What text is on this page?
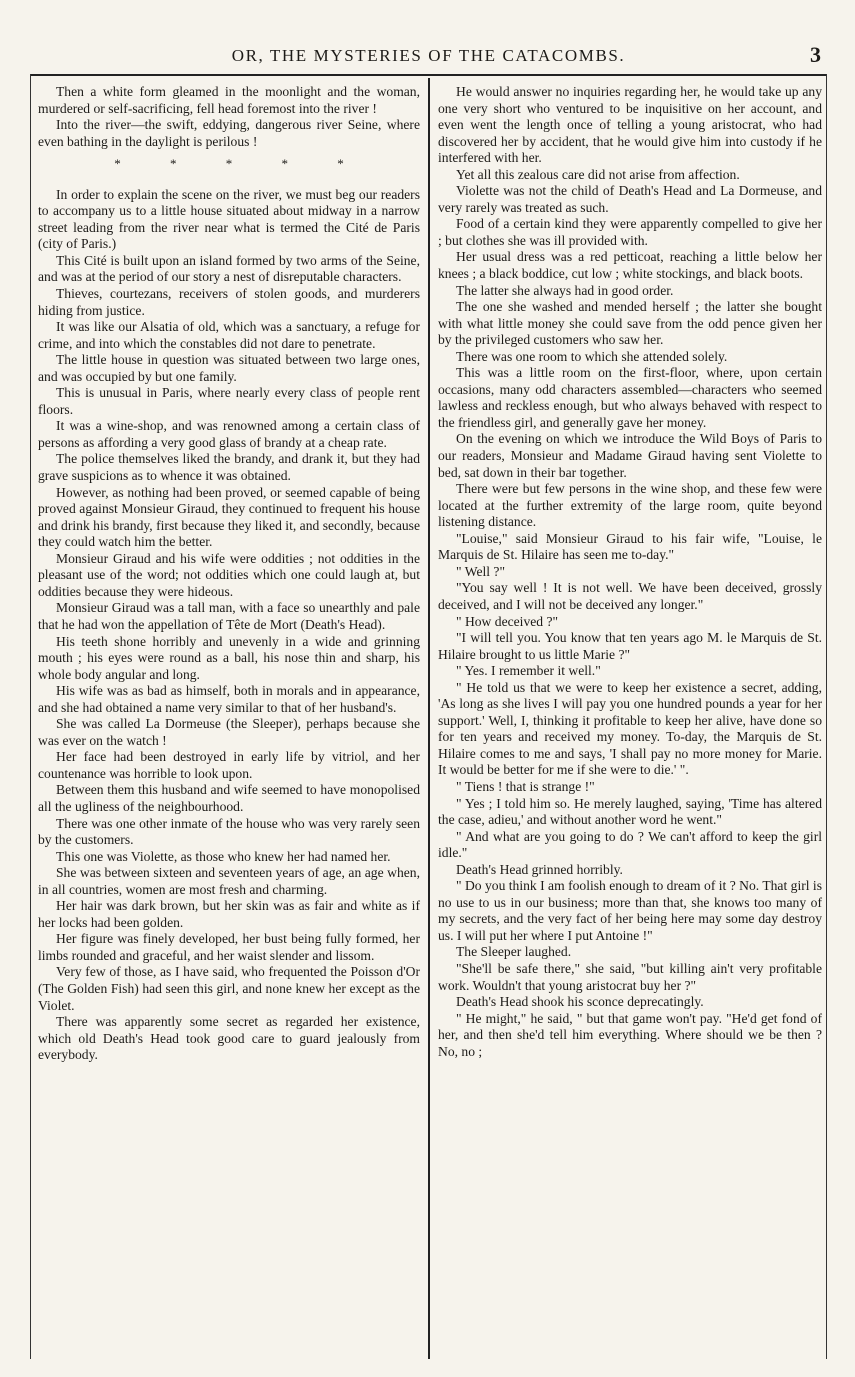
OR, THE MYSTERIES OF THE CATACOMBS.	3

Then a white form gleamed in the moonlight and the woman, murdered or self-sacrificing, fell head foremost into the river !

Into the river—the swift, eddying, dangerous river Seine, where even bathing in the daylight is perilous !

* * * * *

In order to explain the scene on the river, we must beg our readers to accompany us to a little house situated about midway in a narrow street leading from the river near what is termed the Cité de Paris (city of Paris.)

This Cité is built upon an island formed by two arms of the Seine, and was at the period of our story a nest of disreputable characters.

Thieves, courtezans, receivers of stolen goods, and murderers hiding from justice.

It was like our Alsatia of old, which was a sanctuary, a refuge for crime, and into which the constables did not dare to penetrate.

The little house in question was situated between two large ones, and was occupied by but one family.

This is unusual in Paris, where nearly every class of people rent floors.

It was a wine-shop, and was renowned among a certain class of persons as affording a very good glass of brandy at a cheap rate.

The police themselves liked the brandy, and drank it, but they had grave suspicions as to whence it was obtained.

However, as nothing had been proved, or seemed capable of being proved against Monsieur Giraud, they continued to frequent his house and drink his brandy, first because they liked it, and secondly, because they could watch him the better.

Monsieur Giraud and his wife were oddities ; not oddities in the pleasant use of the word; not oddities which one could laugh at, but oddities because they were hideous.

Monsieur Giraud was a tall man, with a face so unearthly and pale that he had won the appellation of Tête de Mort (Death's Head).

His teeth shone horribly and unevenly in a wide and grinning mouth ; his eyes were round as a ball, his nose thin and sharp, his whole body angular and long.

His wife was as bad as himself, both in morals and in appearance, and she had obtained a name very similar to that of her husband's.

She was called La Dormeuse (the Sleeper), perhaps because she was ever on the watch !

Her face had been destroyed in early life by vitriol, and her countenance was horrible to look upon.

Between them this husband and wife seemed to have monopolised all the ugliness of the neighbourhood.

There was one other inmate of the house who was very rarely seen by the customers.

This one was Violette, as those who knew her had named her.

She was between sixteen and seventeen years of age, an age when, in all countries, women are most fresh and charming.

Her hair was dark brown, but her skin was as fair and white as if her locks had been golden.

Her figure was finely developed, her bust being fully formed, her limbs rounded and graceful, and her waist slender and lissom.

Very few of those, as I have said, who frequented the Poisson d'Or (The Golden Fish) had seen this girl, and none knew her except as the Violet.

There was apparently some secret as regarded her existence, which old Death's Head took good care to guard jealously from everybody.

He would answer no inquiries regarding her, he would take up any one very short who ventured to be inquisitive on her account, and even went the length once of telling a young aristocrat, who had discovered her by accident, that he would give him into custody if he interfered with her.

Yet all this zealous care did not arise from affection.

Violette was not the child of Death's Head and La Dormeuse, and very rarely was treated as such.

Food of a certain kind they were apparently compelled to give her ; but clothes she was ill provided with.

Her usual dress was a red petticoat, reaching a little below her knees ; a black boddice, cut low ; white stockings, and black boots.

The latter she always had in good order.

The one she washed and mended herself ; the latter she bought with what little money she could save from the odd pence given her by the privileged customers who saw her.

There was one room to which she attended solely.

This was a little room on the first-floor, where, upon certain occasions, many odd characters assembled—characters who seemed lawless and reckless enough, but who always behaved with respect to the friendless girl, and generally gave her money.

On the evening on which we introduce the Wild Boys of Paris to our readers, Monsieur and Madame Giraud having sent Violette to bed, sat down in their bar together.

There were but few persons in the wine shop, and these few were located at the further extremity of the large room, quite beyond listening distance.

"Louise," said Monsieur Giraud to his fair wife, "Louise, le Marquis de St. Hilaire has seen me to-day."

" Well ?"

"You say well ! It is not well. We have been deceived, grossly deceived, and I will not be deceived any longer."

" How deceived ?"

"I will tell you. You know that ten years ago M. le Marquis de St. Hilaire brought to us little Marie ?"

" Yes. I remember it well."

" He told us that we were to keep her existence a secret, adding, 'As long as she lives I will pay you one hundred pounds a year for her support.' Well, I, thinking it profitable to keep her alive, have done so for ten years and received my money. To-day, the Marquis de St. Hilaire comes to me and says, 'I shall pay no more money for Marie. It would be better for me if she were to die.' ".

" Tiens ! that is strange !"

" Yes ; I told him so. He merely laughed, saying, 'Time has altered the case, adieu,' and without another word he went."

" And what are you going to do ? We can't afford to keep the girl idle."

Death's Head grinned horribly.

" Do you think I am foolish enough to dream of it ? No. That girl is no use to us in our business; more than that, she knows too many of my secrets, and the very fact of her being here may some day destroy us. I will put her where I put Antoine !"

The Sleeper laughed.

"She'll be safe there," she said, "but killing ain't very profitable work. Wouldn't that young aristocrat buy her ?"

Death's Head shook his sconce deprecatingly.

" He might," he said, " but that game won't pay. "He'd get fond of her, and then she'd tell him everything. Where should we be then ? No, no ;
